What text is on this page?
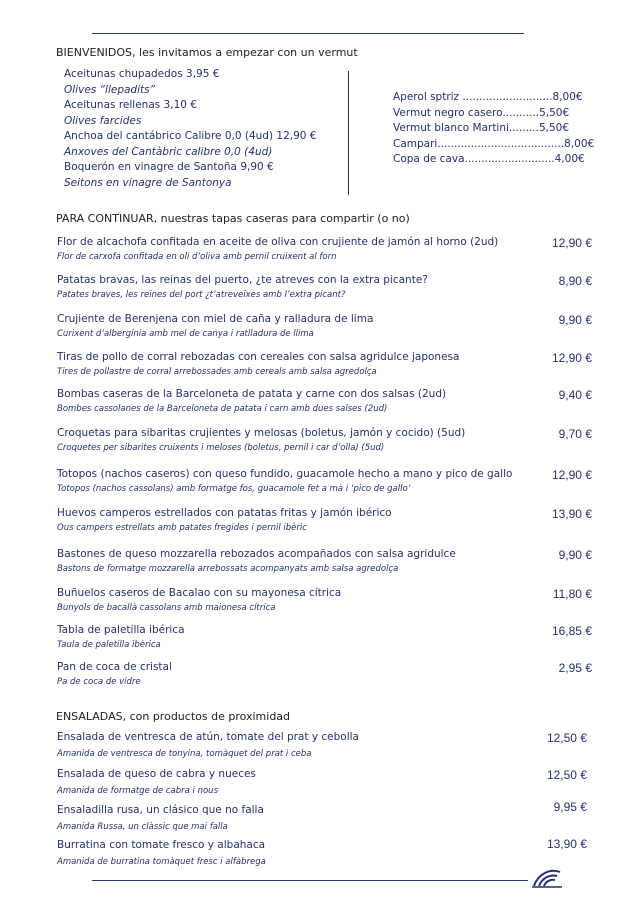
BIENVENIDOS, les invitamos a empezar con un vermut
Aceitunas chupadedos 3,95 €
Olives “llepadits”
Aceitunas rellenas 3,10 €
Olives farcides
Anchoa del cantábrico Calibre 0,0 (4ud) 12,90 €
Anxoves del Cantàbric calibre 0,0 (4ud)
Boquerón en vinagre de Santoña 9,90 €
Seitons en vinagre de Santonya
Aperol sptriz ...........................8,00€
Vermut negro casero...........5,50€
Vermut blanco Martini.........5,50€
Campari......................................8,00€
Copa de cava...........................4,00€
PARA CONTINUAR, nuestras tapas caseras para compartir (o no)
Flor de alcachofa confitada en aceite de oliva con crujiente de jamón al horno (2ud)
Flor de carxofa confitada en oli d’oliva amb pernil cruixent al forn
12,90 €
Patatas bravas, las reinas del puerto, ¿te atreves con la extra picante?
Patates braves, les reines del port ¿t’atreveixes amb l’extra picant?
8,90 €
Crujiente de Berenjena con miel de caña y ralladura de lima
Curixent d’albergínia amb mel de canya i ratlladura de llima
9,90 €
Tiras de pollo de corral rebozadas con cereales con salsa agridulce japonesa
Tires de pollastre de corral arrebossades amb cereals amb salsa agredolça
12,90 €
Bombas caseras de la Barceloneta de patata y carne con dos salsas (2ud)
Bombes cassolanes de la Barceloneta de patata i carn amb dues salses (2ud)
9,40 €
Croquetas para sibaritas crujientes y melosas (boletus, jamón y cocido) (5ud)
Croquetes per sibarites cruixents i meloses (boletus, pernil i car d’olla) (5ud)
9,70 €
Totopos (nachos caseros) con queso fundido, guacamole hecho a mano y pico de gallo
Totopos (nachos cassolans) amb formatge fos, guacamole fet a mà i ‘pico de gallo’
12,90 €
Huevos camperos estrellados con patatas fritas y jamón ibérico
Ous campers estrellats amb patates fregides i pernil ibèric
13,90 €
Bastones de queso mozzarella rebozados acompañados con salsa agridulce
Bastons de formatge mozzarella arrebossats acompanyats amb salsa agredolça
9,90 €
Buñuelos caseros de Bacalao con su mayonesa cítrica
Bunyols de bacallà cassolans amb maionesa cítrica
11,80 €
Tabla de paletilla ibérica
Taula de paletilla ibèrica
16,85 €
Pan de coca de cristal
Pa de coca de vidre
2,95 €
ENSALADAS, con productos de proximidad
Ensalada de ventresca de atún, tomate del prat y cebolla
Amanida de ventresca de tonyina, tomàquet del prat i ceba
12,50 €
Ensalada de queso de cabra y nueces
Amanida de formatge de cabra i nous
12,50 €
Ensaladilla rusa, un clásico que no falla
Amanida Russa, un clàssic que mai falla
9,95 €
Burratina con tomate fresco y albahaca
Amanida de burratina tomàquet fresc i alfàbrega
13,90 €
